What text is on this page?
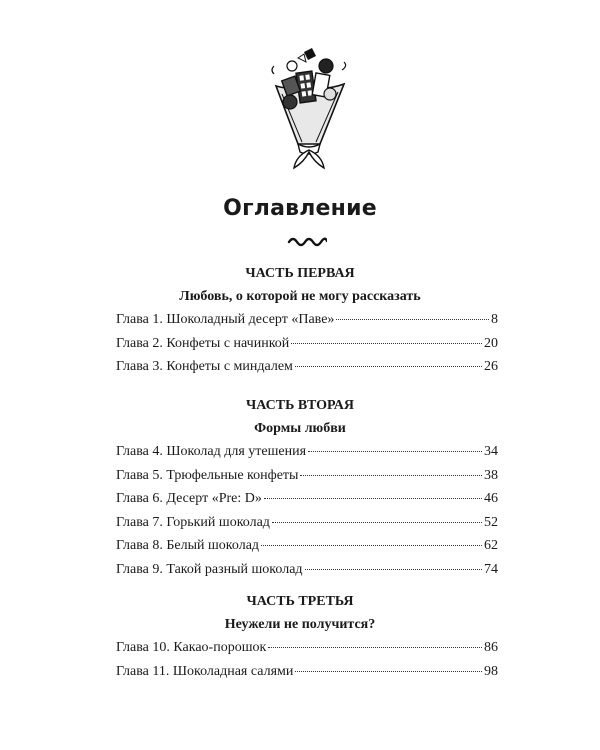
Оглавление
ЧАСТЬ ПЕРВАЯ
Любовь, о которой не могу рассказать
Глава 1. Шоколадный десерт «Паве»	8
Глава 2. Конфеты с начинкой	20
Глава 3. Конфеты с миндалем	26
ЧАСТЬ ВТОРАЯ
Формы любви
Глава 4. Шоколад для утешения	34
Глава 5. Трюфельные конфеты	38
Глава 6. Десерт «Pre: D»	46
Глава 7. Горький шоколад	52
Глава 8. Белый шоколад	62
Глава 9. Такой разный шоколад	74
ЧАСТЬ ТРЕТЬЯ
Неужели не получится?
Глава 10. Какао-порошок	86
Глава 11. Шоколадная салями	98
